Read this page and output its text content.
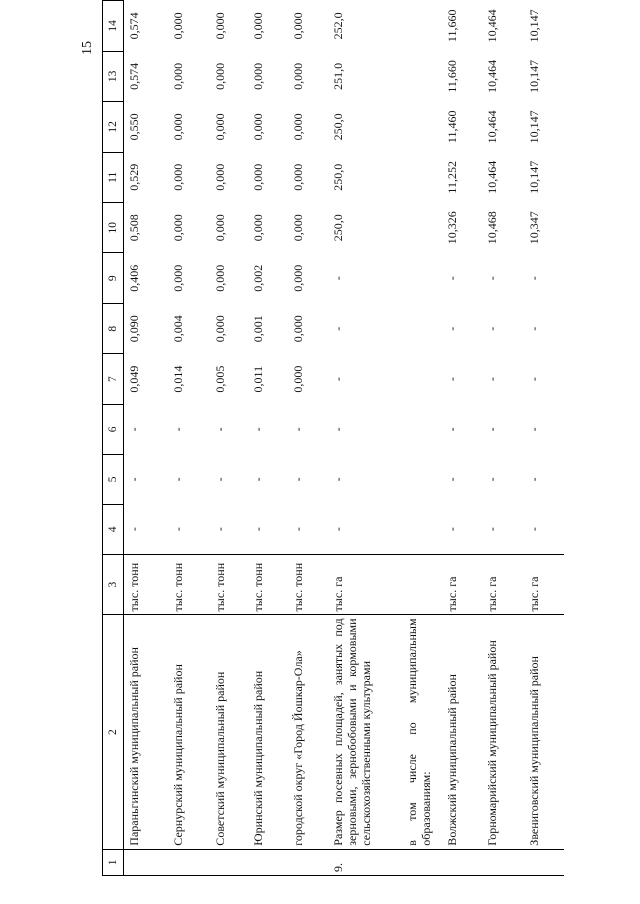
15
1	2	3	4	5	6	7	8	9	10	11	12	13	14
	Параньгинский муниципальный район	тыс. тонн	-	-	-	0,049	0,090	0,406	0,508	0,529	0,550	0,574	0,574
	Сернурский муниципальный район	тыс. тонн	-	-	-	0,014	0,004	0,000	0,000	0,000	0,000	0,000	0,000
	Советский муниципальный район	тыс. тонн	-	-	-	0,005	0,000	0,000	0,000	0,000	0,000	0,000	0,000
	Юринский муниципальный район	тыс. тонн	-	-	-	0,011	0,001	0,002	0,000	0,000	0,000	0,000	0,000
	городской округ «Город Йошкар-Ола»	тыс. тонн	-	-	-	0,000	0,000	0,000	0,000	0,000	0,000	0,000	0,000
9.	Размер посевных площадей, занятых под зерновыми, зернобобовыми и кормовыми сельскохозяйственными культурами	тыс. га	-	-	-	-	-	-	250,0	250,0	250,0	251,0	252,0
	в том числе по муниципальным образованиям:												
	Волжский муниципальный район	тыс. га	-	-	-	-	-	-	10,326	11,252	11,460	11,660	11,660
	Горномарийский муниципальный район	тыс. га	-	-	-	-	-	-	10,468	10,464	10,464	10,464	10,464
	Звениговский муниципальный район	тыс. га	-	-	-	-	-	-	10,347	10,147	10,147	10,147	10,147
